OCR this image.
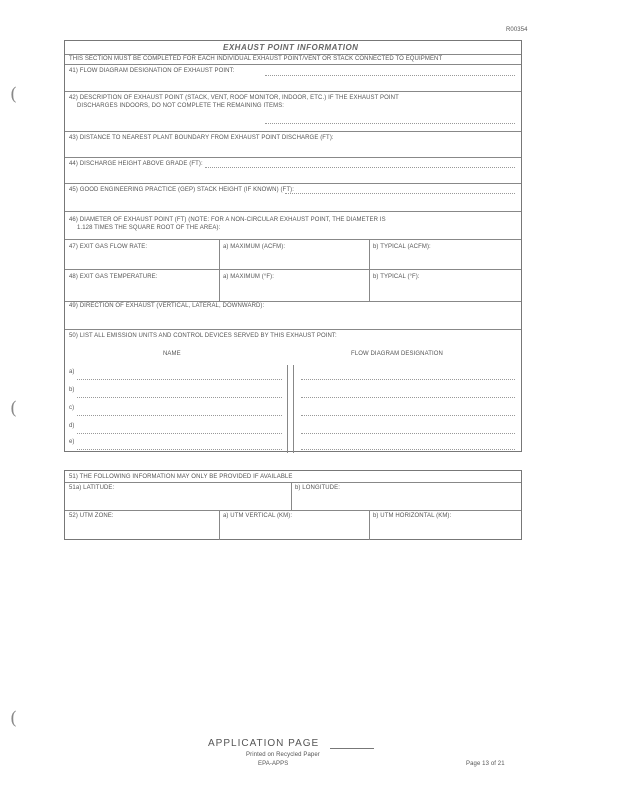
R00354
(
(
(
EXHAUST POINT INFORMATION
THIS SECTION MUST BE COMPLETED FOR EACH INDIVIDUAL EXHAUST POINT/VENT OR STACK CONNECTED TO EQUIPMENT
41) FLOW DIAGRAM DESIGNATION OF EXHAUST POINT:
42) DESCRIPTION OF EXHAUST POINT (STACK, VENT, ROOF MONITOR, INDOOR, ETC.) IF THE EXHAUST POINT
DISCHARGES INDOORS, DO NOT COMPLETE THE REMAINING ITEMS:
43) DISTANCE TO NEAREST PLANT BOUNDARY FROM EXHAUST POINT DISCHARGE (FT):
44) DISCHARGE HEIGHT ABOVE GRADE (FT):
45) GOOD ENGINEERING PRACTICE (GEP) STACK HEIGHT (IF KNOWN) (FT):
46) DIAMETER OF EXHAUST POINT (FT) (NOTE: FOR A NON-CIRCULAR EXHAUST POINT, THE DIAMETER IS
1.128 TIMES THE SQUARE ROOT OF THE AREA):
47) EXIT GAS FLOW RATE:	a) MAXIMUM (ACFM):	b) TYPICAL (ACFM):
48) EXIT GAS TEMPERATURE:	a) MAXIMUM (°F):	b) TYPICAL (°F):
49) DIRECTION OF EXHAUST (VERTICAL, LATERAL, DOWNWARD):
50) LIST ALL EMISSION UNITS AND CONTROL DEVICES SERVED BY THIS EXHAUST POINT:
NAME	FLOW DIAGRAM DESIGNATION
a)
b)
c)
d)
e)
51) THE FOLLOWING INFORMATION MAY ONLY BE PROVIDED IF AVAILABLE
51a) LATITUDE:	b) LONGITUDE:
52) UTM ZONE:	a) UTM VERTICAL (KM):	b) UTM HORIZONTAL (KM):
APPLICATION PAGE
Printed on Recycled Paper
EPA-APPS	Page 13 of 21
